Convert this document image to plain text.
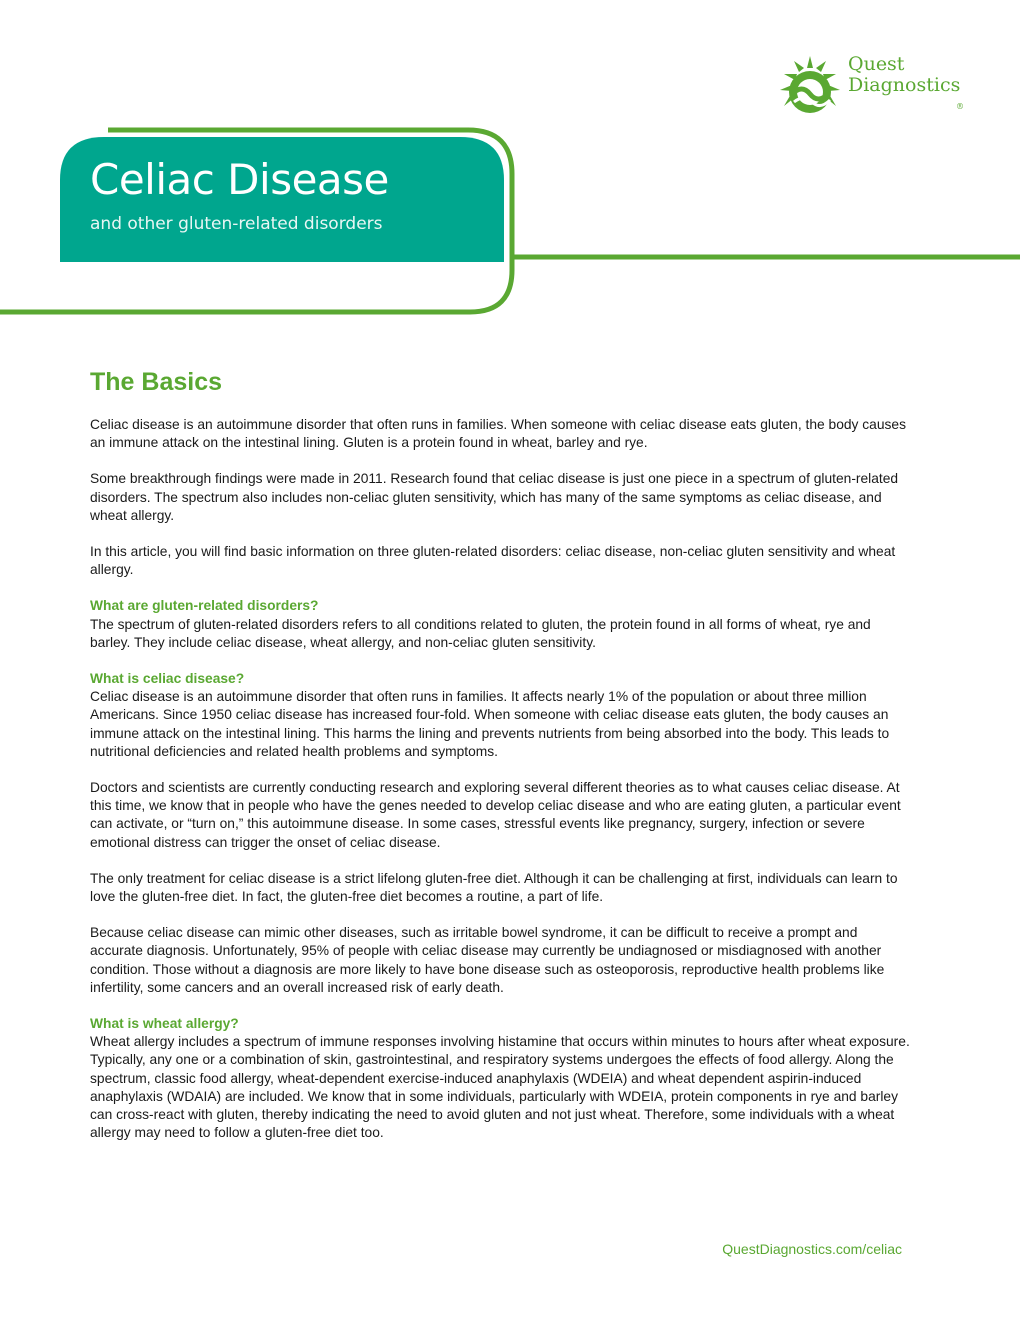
Quest
Diagnostics
®
Celiac Disease
and other gluten-related disorders
The Basics

Celiac disease is an autoimmune disorder that often runs in families. When someone with celiac disease eats gluten, the body causes an immune attack on the intestinal lining. Gluten is a protein found in wheat, barley and rye.

Some breakthrough findings were made in 2011. Research found that celiac disease is just one piece in a spectrum of gluten-related disorders. The spectrum also includes non-celiac gluten sensitivity, which has many of the same symptoms as celiac disease, and wheat allergy.

In this article, you will find basic information on three gluten-related disorders: celiac disease, non-celiac gluten sensitivity and wheat allergy.

What are gluten-related disorders?

The spectrum of gluten-related disorders refers to all conditions related to gluten, the protein found in all forms of wheat, rye and barley. They include celiac disease, wheat allergy, and non-celiac gluten sensitivity.

What is celiac disease?

Celiac disease is an autoimmune disorder that often runs in families. It affects nearly 1% of the population or about three million Americans. Since 1950 celiac disease has increased four-fold. When someone with celiac disease eats gluten, the body causes an immune attack on the intestinal lining. This harms the lining and prevents nutrients from being absorbed into the body. This leads to nutritional deficiencies and related health problems and symptoms.

Doctors and scientists are currently conducting research and exploring several different theories as to what causes celiac disease. At this time, we know that in people who have the genes needed to develop celiac disease and who are eating gluten, a particular event can activate, or “turn on,” this autoimmune disease. In some cases, stressful events like pregnancy, surgery, infection or severe emotional distress can trigger the onset of celiac disease.

The only treatment for celiac disease is a strict lifelong gluten-free diet. Although it can be challenging at first, individuals can learn to love the gluten-free diet. In fact, the gluten-free diet becomes a routine, a part of life.

Because celiac disease can mimic other diseases, such as irritable bowel syndrome, it can be difficult to receive a prompt and accurate diagnosis. Unfortunately, 95% of people with celiac disease may currently be undiagnosed or misdiagnosed with another condition. Those without a diagnosis are more likely to have bone disease such as osteoporosis, reproductive health problems like infertility, some cancers and an overall increased risk of early death.

What is wheat allergy?

Wheat allergy includes a spectrum of immune responses involving histamine that occurs within minutes to hours after wheat exposure. Typically, any one or a combination of skin, gastrointestinal, and respiratory systems undergoes the effects of food allergy. Along the spectrum, classic food allergy, wheat-dependent exercise-induced anaphylaxis (WDEIA) and wheat dependent aspirin-induced anaphylaxis (WDAIA) are included. We know that in some individuals, particularly with WDEIA, protein components in rye and barley can cross-react with gluten, thereby indicating the need to avoid gluten and not just wheat. Therefore, some individuals with a wheat allergy may need to follow a gluten-free diet too.

QuestDiagnostics.com/celiac
